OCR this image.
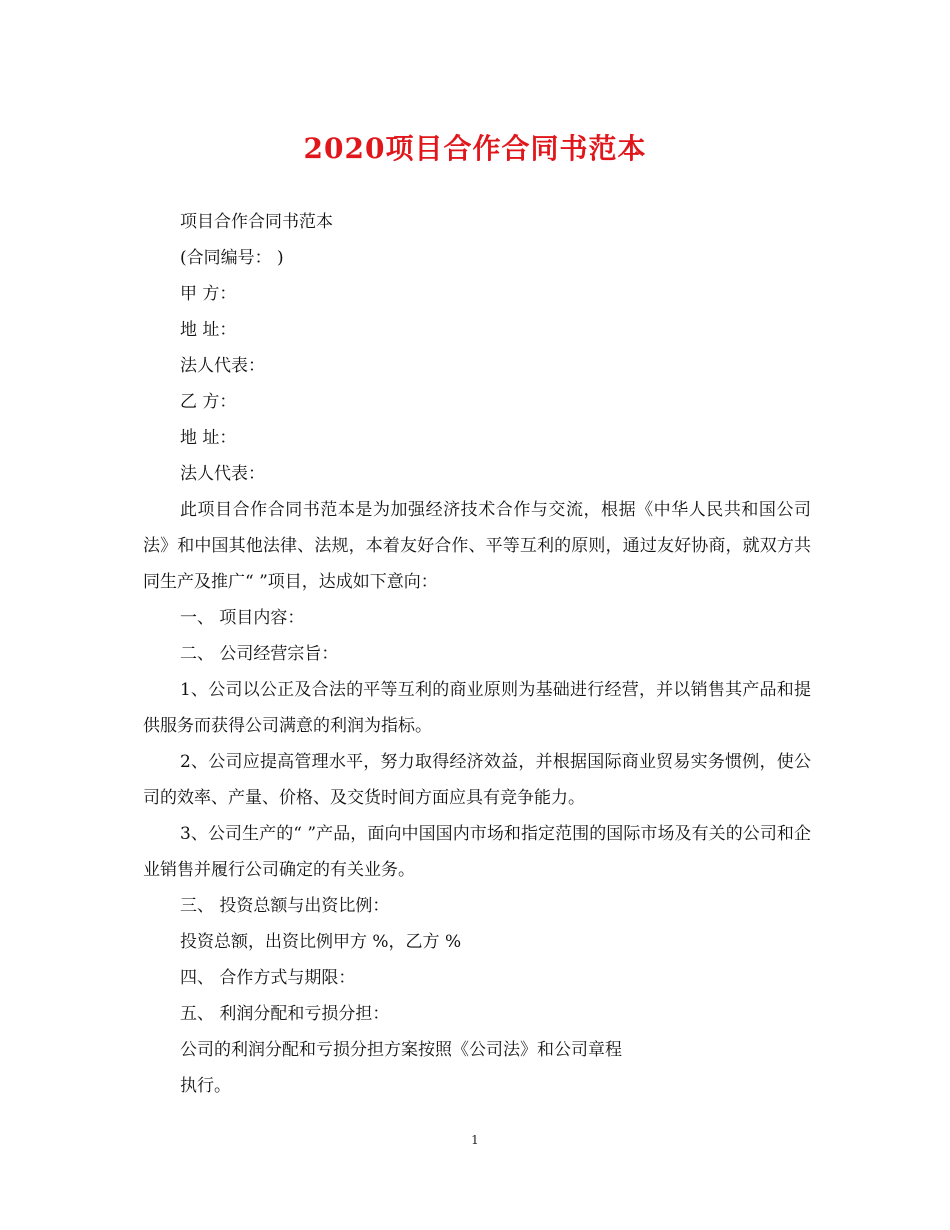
2020项目合作合同书范本
项目合作合同书范本
(合同编号： )
甲 方：
地 址：
法人代表：
乙 方：
地 址：
法人代表：

此项目合作合同书范本是为加强经济技术合作与交流，根据《中华人民共和国公司法》和中国其他法律、法规，本着友好合作、平等互利的原则，通过友好协商，就双方共同生产及推广“ ”项目，达成如下意向：

一、 项目内容：
二、 公司经营宗旨：

1、公司以公正及合法的平等互利的商业原则为基础进行经营，并以销售其产品和提供服务而获得公司满意的利润为指标。

2、公司应提高管理水平，努力取得经济效益，并根据国际商业贸易实务惯例，使公司的效率、产量、价格、及交货时间方面应具有竞争能力。

3、公司生产的“ ”产品，面向中国国内市场和指定范围的国际市场及有关的公司和企业销售并履行公司确定的有关业务。

三、 投资总额与出资比例：
投资总额，出资比例甲方 %，乙方 %
四、 合作方式与期限：
五、 利润分配和亏损分担：
公司的利润分配和亏损分担方案按照《公司法》和公司章程
执行。
1
